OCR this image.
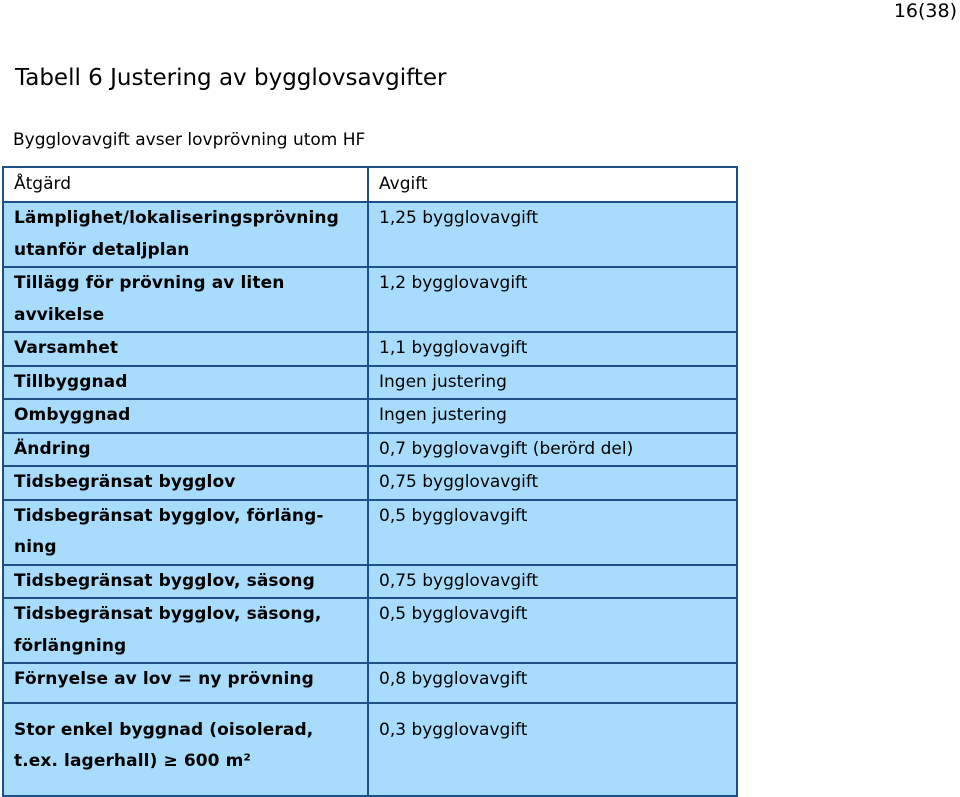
16(38)
Tabell 6 Justering av bygglovsavgifter
Bygglovavgift avser lovprövning utom HF
Åtgärd	Avgift
Lämplighet/lokaliseringsprövning utanför detaljplan	1,25 bygglovavgift
Tillägg för prövning av liten avvikelse	1,2 bygglovavgift
Varsamhet	1,1 bygglovavgift
Tillbyggnad	Ingen justering
Ombyggnad	Ingen justering
Ändring	0,7 bygglovavgift (berörd del)
Tidsbegränsat bygglov	0,75 bygglovavgift
Tidsbegränsat bygglov, förläng-ning	0,5 bygglovavgift
Tidsbegränsat bygglov, säsong	0,75 bygglovavgift
Tidsbegränsat bygglov, säsong, förlängning	0,5 bygglovavgift
Förnyelse av lov = ny prövning	0,8 bygglovavgift
Stor enkel byggnad (oisolerad, t.ex. lagerhall) ≥ 600 m²	0,3 bygglovavgift
